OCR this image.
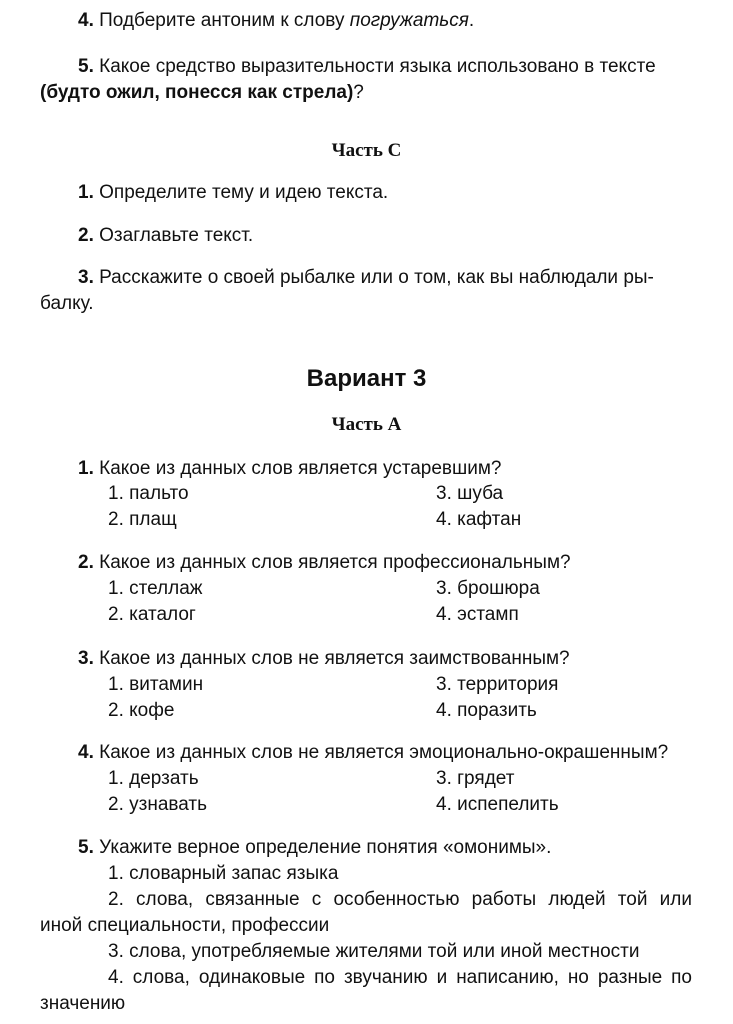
4. Подберите антоним к слову погружаться.
5. Какое средство выразительности языка использовано в тексте
(будто ожил, понесся как стрела)?
Часть С
1. Определите тему и идею текста.
2. Озаглавьте текст.
3. Расскажите о своей рыбалке или о том, как вы наблюдали ры-
балку.
Вариант 3
Часть А
1. Какое из данных слов является устаревшим?
1. пальто	3. шуба
2. плащ	4. кафтан
2. Какое из данных слов является профессиональным?
1. стеллаж	3. брошюра
2. каталог	4. эстамп
3. Какое из данных слов не является заимствованным?
1. витамин	3. территория
2. кофе	4. поразить
4. Какое из данных слов не является эмоционально-окрашенным?
1. дерзать	3. грядет
2. узнавать	4. испепелить
5. Укажите верное определение понятия «омонимы».
1. словарный запас языка
2. слова, связанные с особенностью работы людей той или
иной специальности, профессии
3. слова, употребляемые жителями той или иной местности
4. слова, одинаковые по звучанию и написанию, но разные по
значению
